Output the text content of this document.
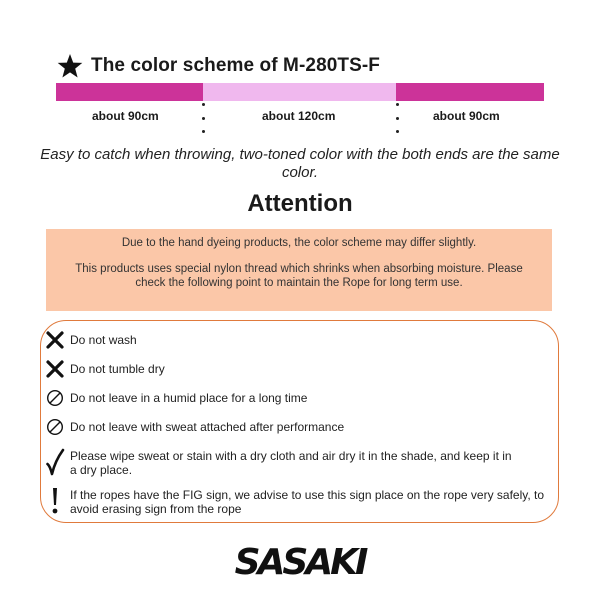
The color scheme of M-280TS-F
about 90cm	about 120cm	about 90cm
Easy to catch when throwing, two-toned color with the both ends are the same color.
Attention

Due to the hand dyeing products, the color scheme may differ slightly.

This products uses special nylon thread which shrinks when absorbing moisture. Please check the following point to maintain the Rope for long term use.

Do not wash
Do not tumble dry
Do not leave in a humid place for a long time
Do not leave with sweat attached after performance
Please wipe sweat or stain with a dry cloth and air dry it in the shade, and keep it in a dry place.
If the ropes have the FIG sign, we advise to use this sign place on the rope very safely, to avoid erasing sign from the rope
SASAKI
